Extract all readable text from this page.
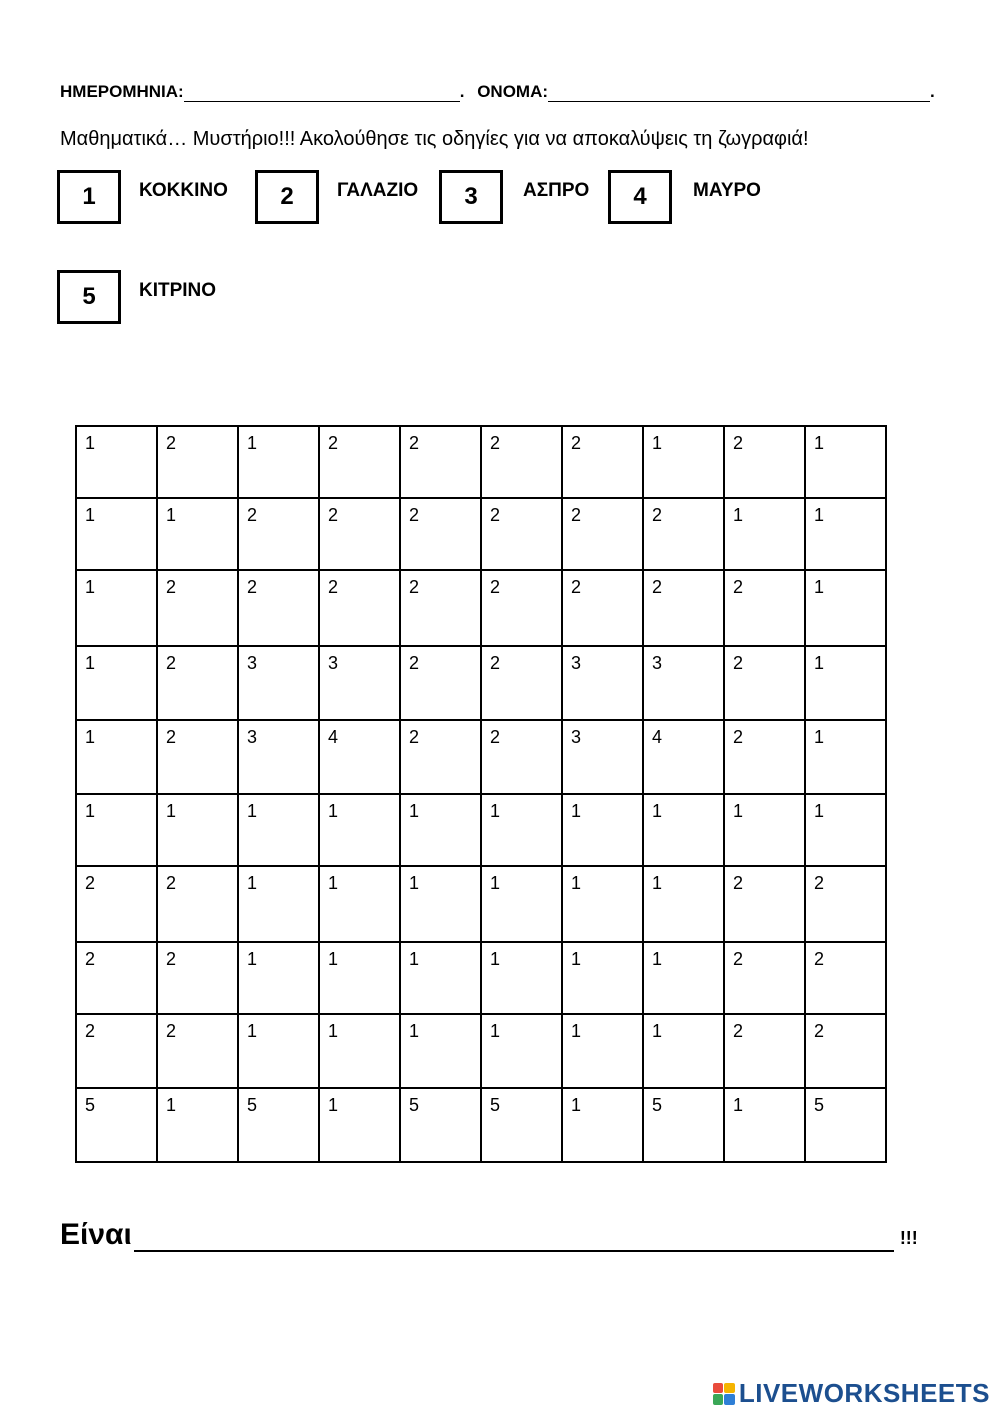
ΗΜΕΡΟΜΗΝΙΑ:	. ΟΝΟΜΑ:	.
Μαθηματικά… Μυστήριο!!! Ακολούθησε τις οδηγίες για να αποκαλύψεις τη ζωγραφιά!
1 ΚΟΚΚΙΝΟ 2 ΓΑΛΑΖΙΟ 3 ΑΣΠΡΟ 4 ΜΑΥΡΟ
5 ΚΙΤΡΙΝΟ
1	2	1	2	2	2	2	1	2	1

1	1	2	2	2	2	2	2	1	1

1	2	2	2	2	2	2	2	2	1

1	2	3	3	2	2	3	3	2	1

1	2	3	4	2	2	3	4	2	1

1	1	1	1	1	1	1	1	1	1

2	2	1	1	1	1	1	1	2	2

2	2	1	1	1	1	1	1	2	2

2	2	1	1	1	1	1	1	2	2

5	1	5	1	5	5	1	5	1	5
Είναι	!!!
LIVEWORKSHEETS
